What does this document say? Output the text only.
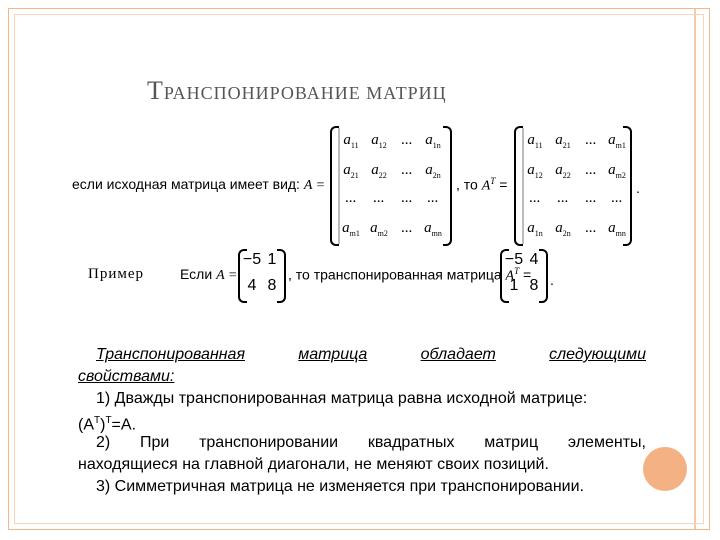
ТРАНСПОНИРОВАНИЕ МАТРИЦ
если исходная матрица имеет вид: A =
$a_{11}$ $a_{12}$ ... $a_{1n}$
$a_{21}$ $a_{22}$ ... $a_{2n}$
...	...	... ...
$a_{m1}$ $a_{m2}$ ... $a_{mn}$
, то $A^T$ =
$a_{11}$ $a_{21}$ ... $a_{m1}$
$a_{12}$ $a_{22}$ ... $a_{m2}$
...	...	... ...
$a_{1n}$ $a_{2n}$ ... $a_{mn}$
.
Пример	Если A =
−5 1
4 8
, то транспонированная матрица $A^T$ =
−5 4
1 8 .
Транспонированная	матрица	обладает	следующими
свойствами:
1) Дважды транспонированная матрица равна исходной матрице:
$(A^T)^T=A$.
2) При транспонировании квадратных матриц элементы,
находящиеся на главной диагонали, не меняют своих позиций.
3) Симметричная матрица не изменяется при транспонировании.
